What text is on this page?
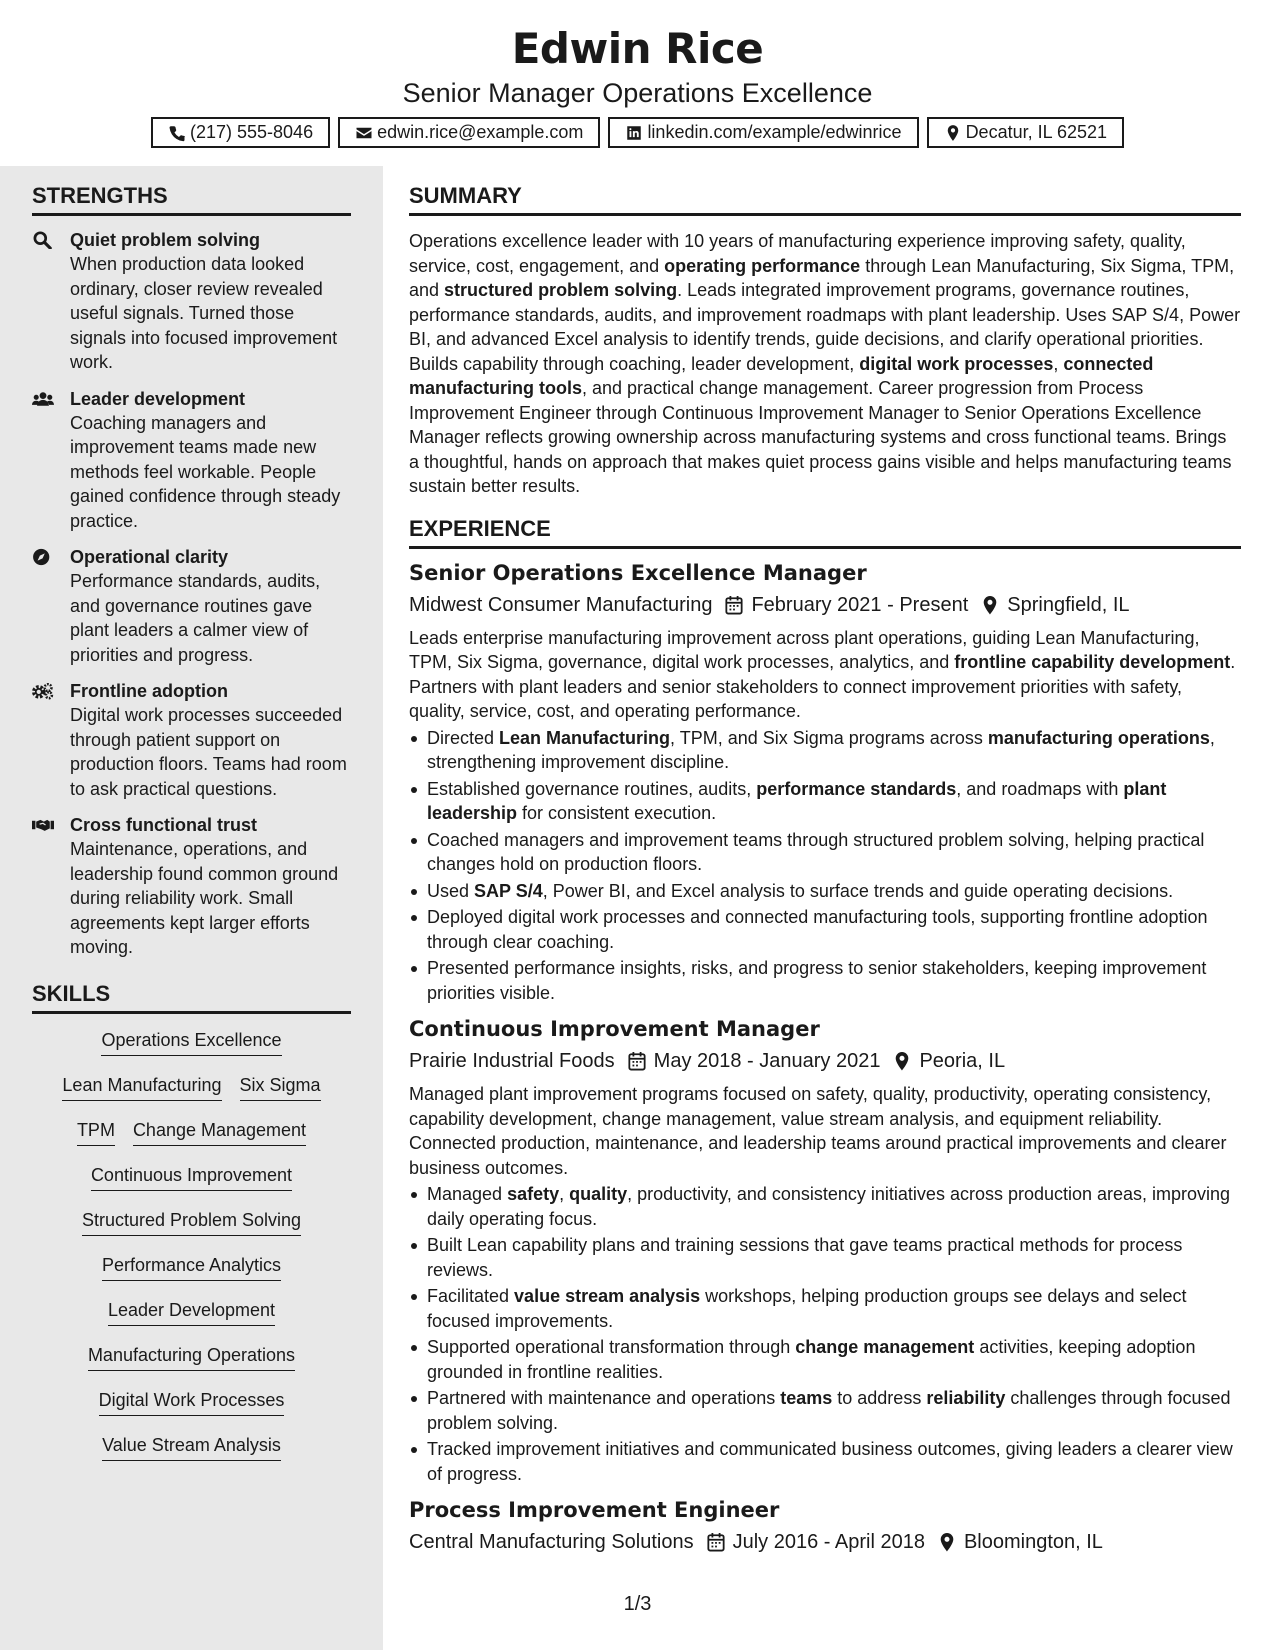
Edwin Rice
Senior Manager Operations Excellence
(217) 555-8046	edwin.rice@example.com	linkedin.com/example/edwinrice	Decatur, IL 62521
STRENGTHS
Quiet problem solving
When production data looked ordinary, closer review revealed useful signals. Turned those signals into focused improvement work.
Leader development
Coaching managers and improvement teams made new methods feel workable. People gained confidence through steady practice.
Operational clarity
Performance standards, audits, and governance routines gave plant leaders a calmer view of priorities and progress.
Frontline adoption
Digital work processes succeeded through patient support on production floors. Teams had room to ask practical questions.
Cross functional trust
Maintenance, operations, and leadership found common ground during reliability work. Small agreements kept larger efforts moving.
SKILLS
Operations Excellence
Lean Manufacturing Six Sigma
TPM Change Management
Continuous Improvement
Structured Problem Solving
Performance Analytics
Leader Development
Manufacturing Operations
Digital Work Processes
Value Stream Analysis
SUMMARY
Operations excellence leader with 10 years of manufacturing experience improving safety, quality, service, cost, engagement, and operating performance through Lean Manufacturing, Six Sigma, TPM, and structured problem solving. Leads integrated improvement programs, governance routines, performance standards, audits, and improvement roadmaps with plant leadership. Uses SAP S/4, Power BI, and advanced Excel analysis to identify trends, guide decisions, and clarify operational priorities. Builds capability through coaching, leader development, digital work processes, connected manufacturing tools, and practical change management. Career progression from Process Improvement Engineer through Continuous Improvement Manager to Senior Operations Excellence Manager reflects growing ownership across manufacturing systems and cross functional teams. Brings a thoughtful, hands on approach that makes quiet process gains visible and helps manufacturing teams sustain better results.
EXPERIENCE
Senior Operations Excellence Manager
Midwest Consumer Manufacturing February 2021 - Present Springfield, IL
Leads enterprise manufacturing improvement across plant operations, guiding Lean Manufacturing, TPM, Six Sigma, governance, digital work processes, analytics, and frontline capability development. Partners with plant leaders and senior stakeholders to connect improvement priorities with safety, quality, service, cost, and operating performance.
Directed Lean Manufacturing, TPM, and Six Sigma programs across manufacturing operations, strengthening improvement discipline.
Established governance routines, audits, performance standards, and roadmaps with plant leadership for consistent execution.
Coached managers and improvement teams through structured problem solving, helping practical changes hold on production floors.
Used SAP S/4, Power BI, and Excel analysis to surface trends and guide operating decisions.
Deployed digital work processes and connected manufacturing tools, supporting frontline adoption through clear coaching.
Presented performance insights, risks, and progress to senior stakeholders, keeping improvement priorities visible.
Continuous Improvement Manager
Prairie Industrial Foods May 2018 - January 2021 Peoria, IL
Managed plant improvement programs focused on safety, quality, productivity, operating consistency, capability development, change management, value stream analysis, and equipment reliability. Connected production, maintenance, and leadership teams around practical improvements and clearer business outcomes.
Managed safety, quality, productivity, and consistency initiatives across production areas, improving daily operating focus.
Built Lean capability plans and training sessions that gave teams practical methods for process reviews.
Facilitated value stream analysis workshops, helping production groups see delays and select focused improvements.
Supported operational transformation through change management activities, keeping adoption grounded in frontline realities.
Partnered with maintenance and operations teams to address reliability challenges through focused problem solving.
Tracked improvement initiatives and communicated business outcomes, giving leaders a clearer view of progress.
Process Improvement Engineer
Central Manufacturing Solutions July 2016 - April 2018 Bloomington, IL
1/3
